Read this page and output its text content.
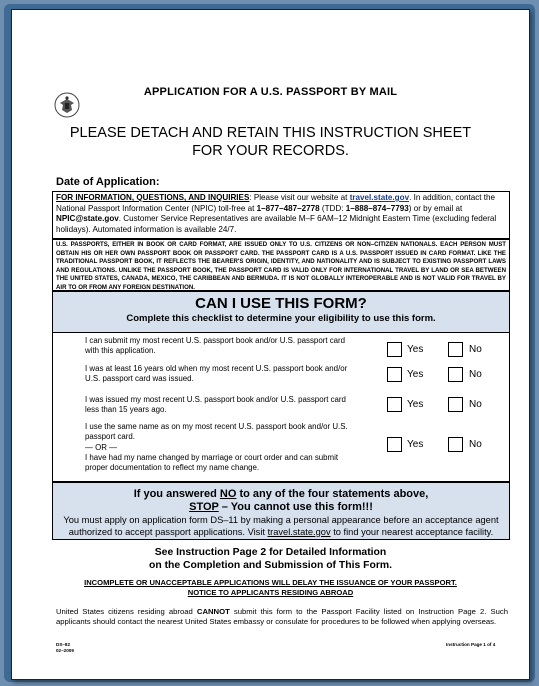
APPLICATION FOR A U.S. PASSPORT BY MAIL
PLEASE DETACH AND RETAIN THIS INSTRUCTION SHEET
FOR YOUR RECORDS.
Date of Application:
FOR INFORMATION, QUESTIONS, AND INQUIRIES: Please visit our website at travel.state.gov. In addition, contact the National Passport Information Center (NPIC) toll-free at 1–877–487–2778 (TDD: 1–888–874–7793) or by email at NPIC@state.gov. Customer Service Representatives are available M–F 6AM–12 Midnight Eastern Time (excluding federal holidays). Automated information is available 24/7.
U.S. PASSPORTS, EITHER IN BOOK OR CARD FORMAT, ARE ISSUED ONLY TO U.S. CITIZENS OR NON–CITIZEN NATIONALS. EACH PERSON MUST OBTAIN HIS OR HER OWN PASSPORT BOOK OR PASSPORT CARD. THE PASSPORT CARD IS A U.S. PASSPORT ISSUED IN CARD FORMAT. LIKE THE TRADITIONAL PASSPORT BOOK, IT REFLECTS THE BEARER'S ORIGIN, IDENTITY, AND NATIONALITY AND IS SUBJECT TO EXISTING PASSPORT LAWS AND REGULATIONS. UNLIKE THE PASSPORT BOOK, THE PASSPORT CARD IS VALID ONLY FOR INTERNATIONAL TRAVEL BY LAND OR SEA BETWEEN THE UNITED STATES, CANADA, MEXICO, THE CARIBBEAN AND BERMUDA. IT IS NOT GLOBALLY INTEROPERABLE AND IS NOT VALID FOR TRAVEL BY AIR TO OR FROM ANY FOREIGN DESTINATION.
CAN I USE THIS FORM?
Complete this checklist to determine your eligibility to use this form.
I can submit my most recent U.S. passport book and/or U.S. passport card with this application.	Yes	No
I was at least 16 years old when my most recent U.S. passport book and/or U.S. passport card was issued.	Yes	No
I was issued my most recent U.S. passport book and/or U.S. passport card less than 15 years ago.	Yes	No
I use the same name as on my most recent U.S. passport book and/or U.S. passport card.
— OR —
I have had my name changed by marriage or court order and can submit proper documentation to reflect my name change.
Yes	No
If you answered NO to any of the four statements above,
STOP – You cannot use this form!!!
You must apply on application form DS–11 by making a personal appearance before an acceptance agent authorized to accept passport applications. Visit travel.state.gov to find your nearest acceptance facility.
See Instruction Page 2 for Detailed Information
on the Completion and Submission of This Form.
INCOMPLETE OR UNACCEPTABLE APPLICATIONS WILL DELAY THE ISSUANCE OF YOUR PASSPORT.
NOTICE TO APPLICANTS RESIDING ABROAD
United States citizens residing abroad CANNOT submit this form to the Passport Facility listed on Instruction Page 2. Such applicants should contact the nearest United States embassy or consulate for procedures to be followed when applying overseas.
DS–82
02–2009
Instruction Page 1 of 4
